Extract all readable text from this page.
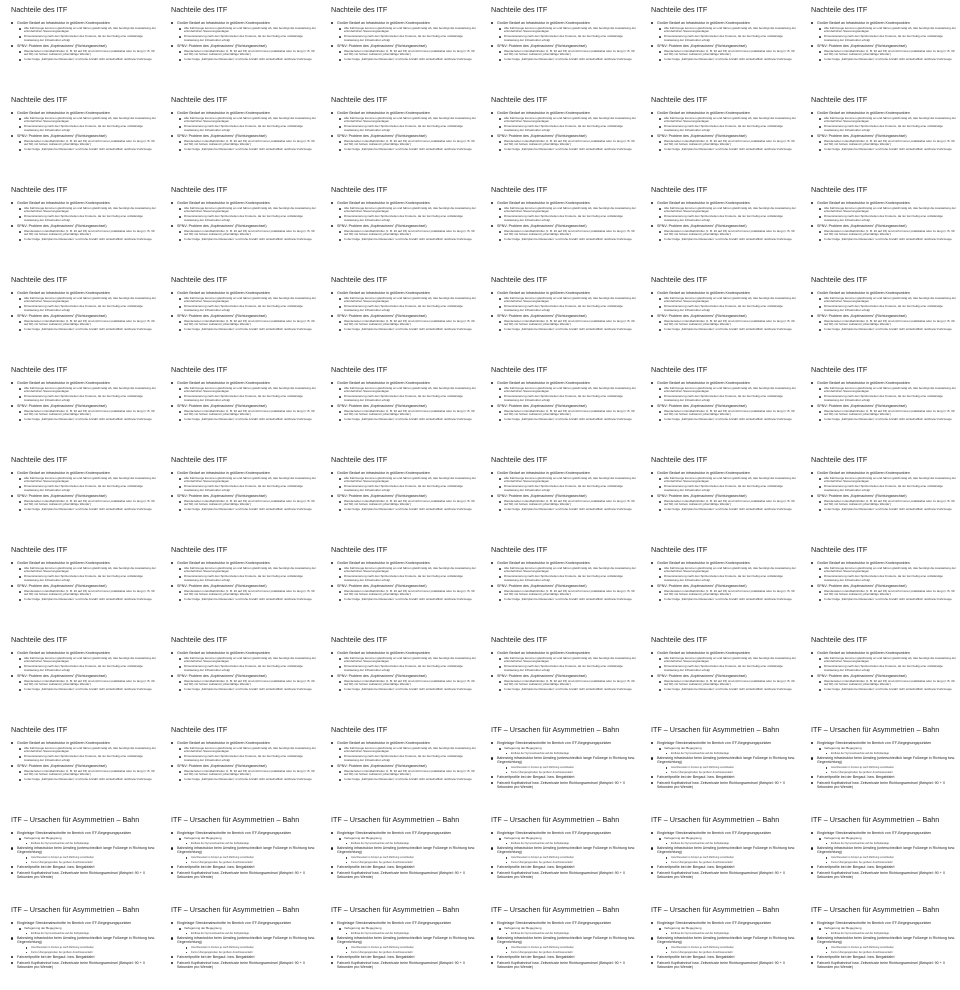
Nachteile des ITF
Großer Bedarf an Infrastruktur in größeren Knotenpunkten
Alle Fahrzeuge kommen gleichzeitig an und fahren gleichzeitig ab, das benötigt die Ausstattung der erforderlichen Steuerungsanlagen
Dimensionierung nach den Spitzenzeiten des Knotens, da nur kurzzeitig eine vollständige Auslastung der Infrastruktur erfolgt
SPNV: Problem des „Kopfmachens“ (Richtungswechsel)
Wendezeiten in Endbahnhöfen (z. B. 30 auf 15) sind nicht immer praktikabel oder zu lang (z. B. 30 auf 60) mit hohem Aufwand („überzählige Wende“)
In der Folge „Fahrplan bei Reisenden“ und hohe Anzahl nicht wirtschaftlich nutzbarer Fahrzeuge
Nachteile des ITF
Großer Bedarf an Infrastruktur in größeren Knotenpunkten
Alle Fahrzeuge kommen gleichzeitig an und fahren gleichzeitig ab, das benötigt die Ausstattung der erforderlichen Steuerungsanlagen
Dimensionierung nach den Spitzenzeiten des Knotens, da nur kurzzeitig eine vollständige Auslastung der Infrastruktur erfolgt
SPNV: Problem des „Kopfmachens“ (Richtungswechsel)
Wendezeiten in Endbahnhöfen (z. B. 30 auf 15) sind nicht immer praktikabel oder zu lang (z. B. 30 auf 60) mit hohem Aufwand („überzählige Wende“)
In der Folge „Fahrplan bei Reisenden“ und hohe Anzahl nicht wirtschaftlich nutzbarer Fahrzeuge
Nachteile des ITF
Großer Bedarf an Infrastruktur in größeren Knotenpunkten
Alle Fahrzeuge kommen gleichzeitig an und fahren gleichzeitig ab, das benötigt die Ausstattung der erforderlichen Steuerungsanlagen
Dimensionierung nach den Spitzenzeiten des Knotens, da nur kurzzeitig eine vollständige Auslastung der Infrastruktur erfolgt
SPNV: Problem des „Kopfmachens“ (Richtungswechsel)
Wendezeiten in Endbahnhöfen (z. B. 30 auf 15) sind nicht immer praktikabel oder zu lang (z. B. 30 auf 60) mit hohem Aufwand („überzählige Wende“)
In der Folge „Fahrplan bei Reisenden“ und hohe Anzahl nicht wirtschaftlich nutzbarer Fahrzeuge
Nachteile des ITF
Großer Bedarf an Infrastruktur in größeren Knotenpunkten
Alle Fahrzeuge kommen gleichzeitig an und fahren gleichzeitig ab, das benötigt die Ausstattung der erforderlichen Steuerungsanlagen
Dimensionierung nach den Spitzenzeiten des Knotens, da nur kurzzeitig eine vollständige Auslastung der Infrastruktur erfolgt
SPNV: Problem des „Kopfmachens“ (Richtungswechsel)
Wendezeiten in Endbahnhöfen (z. B. 30 auf 15) sind nicht immer praktikabel oder zu lang (z. B. 30 auf 60) mit hohem Aufwand („überzählige Wende“)
In der Folge „Fahrplan bei Reisenden“ und hohe Anzahl nicht wirtschaftlich nutzbarer Fahrzeuge
Nachteile des ITF
Großer Bedarf an Infrastruktur in größeren Knotenpunkten
Alle Fahrzeuge kommen gleichzeitig an und fahren gleichzeitig ab, das benötigt die Ausstattung der erforderlichen Steuerungsanlagen
Dimensionierung nach den Spitzenzeiten des Knotens, da nur kurzzeitig eine vollständige Auslastung der Infrastruktur erfolgt
SPNV: Problem des „Kopfmachens“ (Richtungswechsel)
Wendezeiten in Endbahnhöfen (z. B. 30 auf 15) sind nicht immer praktikabel oder zu lang (z. B. 30 auf 60) mit hohem Aufwand („überzählige Wende“)
In der Folge „Fahrplan bei Reisenden“ und hohe Anzahl nicht wirtschaftlich nutzbarer Fahrzeuge
Nachteile des ITF
Großer Bedarf an Infrastruktur in größeren Knotenpunkten
Alle Fahrzeuge kommen gleichzeitig an und fahren gleichzeitig ab, das benötigt die Ausstattung der erforderlichen Steuerungsanlagen
Dimensionierung nach den Spitzenzeiten des Knotens, da nur kurzzeitig eine vollständige Auslastung der Infrastruktur erfolgt
SPNV: Problem des „Kopfmachens“ (Richtungswechsel)
Wendezeiten in Endbahnhöfen (z. B. 30 auf 15) sind nicht immer praktikabel oder zu lang (z. B. 30 auf 60) mit hohem Aufwand („überzählige Wende“)
In der Folge „Fahrplan bei Reisenden“ und hohe Anzahl nicht wirtschaftlich nutzbarer Fahrzeuge
Nachteile des ITF
Großer Bedarf an Infrastruktur in größeren Knotenpunkten
Alle Fahrzeuge kommen gleichzeitig an und fahren gleichzeitig ab, das benötigt die Ausstattung der erforderlichen Steuerungsanlagen
Dimensionierung nach den Spitzenzeiten des Knotens, da nur kurzzeitig eine vollständige Auslastung der Infrastruktur erfolgt
SPNV: Problem des „Kopfmachens“ (Richtungswechsel)
Wendezeiten in Endbahnhöfen (z. B. 30 auf 15) sind nicht immer praktikabel oder zu lang (z. B. 30 auf 60) mit hohem Aufwand („überzählige Wende“)
In der Folge „Fahrplan bei Reisenden“ und hohe Anzahl nicht wirtschaftlich nutzbarer Fahrzeuge
Nachteile des ITF
Großer Bedarf an Infrastruktur in größeren Knotenpunkten
Alle Fahrzeuge kommen gleichzeitig an und fahren gleichzeitig ab, das benötigt die Ausstattung der erforderlichen Steuerungsanlagen
Dimensionierung nach den Spitzenzeiten des Knotens, da nur kurzzeitig eine vollständige Auslastung der Infrastruktur erfolgt
SPNV: Problem des „Kopfmachens“ (Richtungswechsel)
Wendezeiten in Endbahnhöfen (z. B. 30 auf 15) sind nicht immer praktikabel oder zu lang (z. B. 30 auf 60) mit hohem Aufwand („überzählige Wende“)
In der Folge „Fahrplan bei Reisenden“ und hohe Anzahl nicht wirtschaftlich nutzbarer Fahrzeuge
Nachteile des ITF
Großer Bedarf an Infrastruktur in größeren Knotenpunkten
Alle Fahrzeuge kommen gleichzeitig an und fahren gleichzeitig ab, das benötigt die Ausstattung der erforderlichen Steuerungsanlagen
Dimensionierung nach den Spitzenzeiten des Knotens, da nur kurzzeitig eine vollständige Auslastung der Infrastruktur erfolgt
SPNV: Problem des „Kopfmachens“ (Richtungswechsel)
Wendezeiten in Endbahnhöfen (z. B. 30 auf 15) sind nicht immer praktikabel oder zu lang (z. B. 30 auf 60) mit hohem Aufwand („überzählige Wende“)
In der Folge „Fahrplan bei Reisenden“ und hohe Anzahl nicht wirtschaftlich nutzbarer Fahrzeuge
Nachteile des ITF
Großer Bedarf an Infrastruktur in größeren Knotenpunkten
Alle Fahrzeuge kommen gleichzeitig an und fahren gleichzeitig ab, das benötigt die Ausstattung der erforderlichen Steuerungsanlagen
Dimensionierung nach den Spitzenzeiten des Knotens, da nur kurzzeitig eine vollständige Auslastung der Infrastruktur erfolgt
SPNV: Problem des „Kopfmachens“ (Richtungswechsel)
Wendezeiten in Endbahnhöfen (z. B. 30 auf 15) sind nicht immer praktikabel oder zu lang (z. B. 30 auf 60) mit hohem Aufwand („überzählige Wende“)
In der Folge „Fahrplan bei Reisenden“ und hohe Anzahl nicht wirtschaftlich nutzbarer Fahrzeuge
Nachteile des ITF
Großer Bedarf an Infrastruktur in größeren Knotenpunkten
Alle Fahrzeuge kommen gleichzeitig an und fahren gleichzeitig ab, das benötigt die Ausstattung der erforderlichen Steuerungsanlagen
Dimensionierung nach den Spitzenzeiten des Knotens, da nur kurzzeitig eine vollständige Auslastung der Infrastruktur erfolgt
SPNV: Problem des „Kopfmachens“ (Richtungswechsel)
Wendezeiten in Endbahnhöfen (z. B. 30 auf 15) sind nicht immer praktikabel oder zu lang (z. B. 30 auf 60) mit hohem Aufwand („überzählige Wende“)
In der Folge „Fahrplan bei Reisenden“ und hohe Anzahl nicht wirtschaftlich nutzbarer Fahrzeuge
Nachteile des ITF
Großer Bedarf an Infrastruktur in größeren Knotenpunkten
Alle Fahrzeuge kommen gleichzeitig an und fahren gleichzeitig ab, das benötigt die Ausstattung der erforderlichen Steuerungsanlagen
Dimensionierung nach den Spitzenzeiten des Knotens, da nur kurzzeitig eine vollständige Auslastung der Infrastruktur erfolgt
SPNV: Problem des „Kopfmachens“ (Richtungswechsel)
Wendezeiten in Endbahnhöfen (z. B. 30 auf 15) sind nicht immer praktikabel oder zu lang (z. B. 30 auf 60) mit hohem Aufwand („überzählige Wende“)
In der Folge „Fahrplan bei Reisenden“ und hohe Anzahl nicht wirtschaftlich nutzbarer Fahrzeuge
Nachteile des ITF
Großer Bedarf an Infrastruktur in größeren Knotenpunkten
Alle Fahrzeuge kommen gleichzeitig an und fahren gleichzeitig ab, das benötigt die Ausstattung der erforderlichen Steuerungsanlagen
Dimensionierung nach den Spitzenzeiten des Knotens, da nur kurzzeitig eine vollständige Auslastung der Infrastruktur erfolgt
SPNV: Problem des „Kopfmachens“ (Richtungswechsel)
Wendezeiten in Endbahnhöfen (z. B. 30 auf 15) sind nicht immer praktikabel oder zu lang (z. B. 30 auf 60) mit hohem Aufwand („überzählige Wende“)
In der Folge „Fahrplan bei Reisenden“ und hohe Anzahl nicht wirtschaftlich nutzbarer Fahrzeuge
Nachteile des ITF
Großer Bedarf an Infrastruktur in größeren Knotenpunkten
Alle Fahrzeuge kommen gleichzeitig an und fahren gleichzeitig ab, das benötigt die Ausstattung der erforderlichen Steuerungsanlagen
Dimensionierung nach den Spitzenzeiten des Knotens, da nur kurzzeitig eine vollständige Auslastung der Infrastruktur erfolgt
SPNV: Problem des „Kopfmachens“ (Richtungswechsel)
Wendezeiten in Endbahnhöfen (z. B. 30 auf 15) sind nicht immer praktikabel oder zu lang (z. B. 30 auf 60) mit hohem Aufwand („überzählige Wende“)
In der Folge „Fahrplan bei Reisenden“ und hohe Anzahl nicht wirtschaftlich nutzbarer Fahrzeuge
Nachteile des ITF
Großer Bedarf an Infrastruktur in größeren Knotenpunkten
Alle Fahrzeuge kommen gleichzeitig an und fahren gleichzeitig ab, das benötigt die Ausstattung der erforderlichen Steuerungsanlagen
Dimensionierung nach den Spitzenzeiten des Knotens, da nur kurzzeitig eine vollständige Auslastung der Infrastruktur erfolgt
SPNV: Problem des „Kopfmachens“ (Richtungswechsel)
Wendezeiten in Endbahnhöfen (z. B. 30 auf 15) sind nicht immer praktikabel oder zu lang (z. B. 30 auf 60) mit hohem Aufwand („überzählige Wende“)
In der Folge „Fahrplan bei Reisenden“ und hohe Anzahl nicht wirtschaftlich nutzbarer Fahrzeuge
Nachteile des ITF
Großer Bedarf an Infrastruktur in größeren Knotenpunkten
Alle Fahrzeuge kommen gleichzeitig an und fahren gleichzeitig ab, das benötigt die Ausstattung der erforderlichen Steuerungsanlagen
Dimensionierung nach den Spitzenzeiten des Knotens, da nur kurzzeitig eine vollständige Auslastung der Infrastruktur erfolgt
SPNV: Problem des „Kopfmachens“ (Richtungswechsel)
Wendezeiten in Endbahnhöfen (z. B. 30 auf 15) sind nicht immer praktikabel oder zu lang (z. B. 30 auf 60) mit hohem Aufwand („überzählige Wende“)
In der Folge „Fahrplan bei Reisenden“ und hohe Anzahl nicht wirtschaftlich nutzbarer Fahrzeuge
Nachteile des ITF
Großer Bedarf an Infrastruktur in größeren Knotenpunkten
Alle Fahrzeuge kommen gleichzeitig an und fahren gleichzeitig ab, das benötigt die Ausstattung der erforderlichen Steuerungsanlagen
Dimensionierung nach den Spitzenzeiten des Knotens, da nur kurzzeitig eine vollständige Auslastung der Infrastruktur erfolgt
SPNV: Problem des „Kopfmachens“ (Richtungswechsel)
Wendezeiten in Endbahnhöfen (z. B. 30 auf 15) sind nicht immer praktikabel oder zu lang (z. B. 30 auf 60) mit hohem Aufwand („überzählige Wende“)
In der Folge „Fahrplan bei Reisenden“ und hohe Anzahl nicht wirtschaftlich nutzbarer Fahrzeuge
Nachteile des ITF
Großer Bedarf an Infrastruktur in größeren Knotenpunkten
Alle Fahrzeuge kommen gleichzeitig an und fahren gleichzeitig ab, das benötigt die Ausstattung der erforderlichen Steuerungsanlagen
Dimensionierung nach den Spitzenzeiten des Knotens, da nur kurzzeitig eine vollständige Auslastung der Infrastruktur erfolgt
SPNV: Problem des „Kopfmachens“ (Richtungswechsel)
Wendezeiten in Endbahnhöfen (z. B. 30 auf 15) sind nicht immer praktikabel oder zu lang (z. B. 30 auf 60) mit hohem Aufwand („überzählige Wende“)
In der Folge „Fahrplan bei Reisenden“ und hohe Anzahl nicht wirtschaftlich nutzbarer Fahrzeuge
Nachteile des ITF
Großer Bedarf an Infrastruktur in größeren Knotenpunkten
Alle Fahrzeuge kommen gleichzeitig an und fahren gleichzeitig ab, das benötigt die Ausstattung der erforderlichen Steuerungsanlagen
Dimensionierung nach den Spitzenzeiten des Knotens, da nur kurzzeitig eine vollständige Auslastung der Infrastruktur erfolgt
SPNV: Problem des „Kopfmachens“ (Richtungswechsel)
Wendezeiten in Endbahnhöfen (z. B. 30 auf 15) sind nicht immer praktikabel oder zu lang (z. B. 30 auf 60) mit hohem Aufwand („überzählige Wende“)
In der Folge „Fahrplan bei Reisenden“ und hohe Anzahl nicht wirtschaftlich nutzbarer Fahrzeuge
Nachteile des ITF
Großer Bedarf an Infrastruktur in größeren Knotenpunkten
Alle Fahrzeuge kommen gleichzeitig an und fahren gleichzeitig ab, das benötigt die Ausstattung der erforderlichen Steuerungsanlagen
Dimensionierung nach den Spitzenzeiten des Knotens, da nur kurzzeitig eine vollständige Auslastung der Infrastruktur erfolgt
SPNV: Problem des „Kopfmachens“ (Richtungswechsel)
Wendezeiten in Endbahnhöfen (z. B. 30 auf 15) sind nicht immer praktikabel oder zu lang (z. B. 30 auf 60) mit hohem Aufwand („überzählige Wende“)
In der Folge „Fahrplan bei Reisenden“ und hohe Anzahl nicht wirtschaftlich nutzbarer Fahrzeuge
Nachteile des ITF
Großer Bedarf an Infrastruktur in größeren Knotenpunkten
Alle Fahrzeuge kommen gleichzeitig an und fahren gleichzeitig ab, das benötigt die Ausstattung der erforderlichen Steuerungsanlagen
Dimensionierung nach den Spitzenzeiten des Knotens, da nur kurzzeitig eine vollständige Auslastung der Infrastruktur erfolgt
SPNV: Problem des „Kopfmachens“ (Richtungswechsel)
Wendezeiten in Endbahnhöfen (z. B. 30 auf 15) sind nicht immer praktikabel oder zu lang (z. B. 30 auf 60) mit hohem Aufwand („überzählige Wende“)
In der Folge „Fahrplan bei Reisenden“ und hohe Anzahl nicht wirtschaftlich nutzbarer Fahrzeuge
Nachteile des ITF
Großer Bedarf an Infrastruktur in größeren Knotenpunkten
Alle Fahrzeuge kommen gleichzeitig an und fahren gleichzeitig ab, das benötigt die Ausstattung der erforderlichen Steuerungsanlagen
Dimensionierung nach den Spitzenzeiten des Knotens, da nur kurzzeitig eine vollständige Auslastung der Infrastruktur erfolgt
SPNV: Problem des „Kopfmachens“ (Richtungswechsel)
Wendezeiten in Endbahnhöfen (z. B. 30 auf 15) sind nicht immer praktikabel oder zu lang (z. B. 30 auf 60) mit hohem Aufwand („überzählige Wende“)
In der Folge „Fahrplan bei Reisenden“ und hohe Anzahl nicht wirtschaftlich nutzbarer Fahrzeuge
Nachteile des ITF
Großer Bedarf an Infrastruktur in größeren Knotenpunkten
Alle Fahrzeuge kommen gleichzeitig an und fahren gleichzeitig ab, das benötigt die Ausstattung der erforderlichen Steuerungsanlagen
Dimensionierung nach den Spitzenzeiten des Knotens, da nur kurzzeitig eine vollständige Auslastung der Infrastruktur erfolgt
SPNV: Problem des „Kopfmachens“ (Richtungswechsel)
Wendezeiten in Endbahnhöfen (z. B. 30 auf 15) sind nicht immer praktikabel oder zu lang (z. B. 30 auf 60) mit hohem Aufwand („überzählige Wende“)
In der Folge „Fahrplan bei Reisenden“ und hohe Anzahl nicht wirtschaftlich nutzbarer Fahrzeuge
Nachteile des ITF
Großer Bedarf an Infrastruktur in größeren Knotenpunkten
Alle Fahrzeuge kommen gleichzeitig an und fahren gleichzeitig ab, das benötigt die Ausstattung der erforderlichen Steuerungsanlagen
Dimensionierung nach den Spitzenzeiten des Knotens, da nur kurzzeitig eine vollständige Auslastung der Infrastruktur erfolgt
SPNV: Problem des „Kopfmachens“ (Richtungswechsel)
Wendezeiten in Endbahnhöfen (z. B. 30 auf 15) sind nicht immer praktikabel oder zu lang (z. B. 30 auf 60) mit hohem Aufwand („überzählige Wende“)
In der Folge „Fahrplan bei Reisenden“ und hohe Anzahl nicht wirtschaftlich nutzbarer Fahrzeuge
Nachteile des ITF
Großer Bedarf an Infrastruktur in größeren Knotenpunkten
Alle Fahrzeuge kommen gleichzeitig an und fahren gleichzeitig ab, das benötigt die Ausstattung der erforderlichen Steuerungsanlagen
Dimensionierung nach den Spitzenzeiten des Knotens, da nur kurzzeitig eine vollständige Auslastung der Infrastruktur erfolgt
SPNV: Problem des „Kopfmachens“ (Richtungswechsel)
Wendezeiten in Endbahnhöfen (z. B. 30 auf 15) sind nicht immer praktikabel oder zu lang (z. B. 30 auf 60) mit hohem Aufwand („überzählige Wende“)
In der Folge „Fahrplan bei Reisenden“ und hohe Anzahl nicht wirtschaftlich nutzbarer Fahrzeuge
Nachteile des ITF
Großer Bedarf an Infrastruktur in größeren Knotenpunkten
Alle Fahrzeuge kommen gleichzeitig an und fahren gleichzeitig ab, das benötigt die Ausstattung der erforderlichen Steuerungsanlagen
Dimensionierung nach den Spitzenzeiten des Knotens, da nur kurzzeitig eine vollständige Auslastung der Infrastruktur erfolgt
SPNV: Problem des „Kopfmachens“ (Richtungswechsel)
Wendezeiten in Endbahnhöfen (z. B. 30 auf 15) sind nicht immer praktikabel oder zu lang (z. B. 30 auf 60) mit hohem Aufwand („überzählige Wende“)
In der Folge „Fahrplan bei Reisenden“ und hohe Anzahl nicht wirtschaftlich nutzbarer Fahrzeuge
Nachteile des ITF
Großer Bedarf an Infrastruktur in größeren Knotenpunkten
Alle Fahrzeuge kommen gleichzeitig an und fahren gleichzeitig ab, das benötigt die Ausstattung der erforderlichen Steuerungsanlagen
Dimensionierung nach den Spitzenzeiten des Knotens, da nur kurzzeitig eine vollständige Auslastung der Infrastruktur erfolgt
SPNV: Problem des „Kopfmachens“ (Richtungswechsel)
Wendezeiten in Endbahnhöfen (z. B. 30 auf 15) sind nicht immer praktikabel oder zu lang (z. B. 30 auf 60) mit hohem Aufwand („überzählige Wende“)
In der Folge „Fahrplan bei Reisenden“ und hohe Anzahl nicht wirtschaftlich nutzbarer Fahrzeuge
Nachteile des ITF
Großer Bedarf an Infrastruktur in größeren Knotenpunkten
Alle Fahrzeuge kommen gleichzeitig an und fahren gleichzeitig ab, das benötigt die Ausstattung der erforderlichen Steuerungsanlagen
Dimensionierung nach den Spitzenzeiten des Knotens, da nur kurzzeitig eine vollständige Auslastung der Infrastruktur erfolgt
SPNV: Problem des „Kopfmachens“ (Richtungswechsel)
Wendezeiten in Endbahnhöfen (z. B. 30 auf 15) sind nicht immer praktikabel oder zu lang (z. B. 30 auf 60) mit hohem Aufwand („überzählige Wende“)
In der Folge „Fahrplan bei Reisenden“ und hohe Anzahl nicht wirtschaftlich nutzbarer Fahrzeuge
Nachteile des ITF
Großer Bedarf an Infrastruktur in größeren Knotenpunkten
Alle Fahrzeuge kommen gleichzeitig an und fahren gleichzeitig ab, das benötigt die Ausstattung der erforderlichen Steuerungsanlagen
Dimensionierung nach den Spitzenzeiten des Knotens, da nur kurzzeitig eine vollständige Auslastung der Infrastruktur erfolgt
SPNV: Problem des „Kopfmachens“ (Richtungswechsel)
Wendezeiten in Endbahnhöfen (z. B. 30 auf 15) sind nicht immer praktikabel oder zu lang (z. B. 30 auf 60) mit hohem Aufwand („überzählige Wende“)
In der Folge „Fahrplan bei Reisenden“ und hohe Anzahl nicht wirtschaftlich nutzbarer Fahrzeuge
Nachteile des ITF
Großer Bedarf an Infrastruktur in größeren Knotenpunkten
Alle Fahrzeuge kommen gleichzeitig an und fahren gleichzeitig ab, das benötigt die Ausstattung der erforderlichen Steuerungsanlagen
Dimensionierung nach den Spitzenzeiten des Knotens, da nur kurzzeitig eine vollständige Auslastung der Infrastruktur erfolgt
SPNV: Problem des „Kopfmachens“ (Richtungswechsel)
Wendezeiten in Endbahnhöfen (z. B. 30 auf 15) sind nicht immer praktikabel oder zu lang (z. B. 30 auf 60) mit hohem Aufwand („überzählige Wende“)
In der Folge „Fahrplan bei Reisenden“ und hohe Anzahl nicht wirtschaftlich nutzbarer Fahrzeuge
Nachteile des ITF
Großer Bedarf an Infrastruktur in größeren Knotenpunkten
Alle Fahrzeuge kommen gleichzeitig an und fahren gleichzeitig ab, das benötigt die Ausstattung der erforderlichen Steuerungsanlagen
Dimensionierung nach den Spitzenzeiten des Knotens, da nur kurzzeitig eine vollständige Auslastung der Infrastruktur erfolgt
SPNV: Problem des „Kopfmachens“ (Richtungswechsel)
Wendezeiten in Endbahnhöfen (z. B. 30 auf 15) sind nicht immer praktikabel oder zu lang (z. B. 30 auf 60) mit hohem Aufwand („überzählige Wende“)
In der Folge „Fahrplan bei Reisenden“ und hohe Anzahl nicht wirtschaftlich nutzbarer Fahrzeuge
Nachteile des ITF
Großer Bedarf an Infrastruktur in größeren Knotenpunkten
Alle Fahrzeuge kommen gleichzeitig an und fahren gleichzeitig ab, das benötigt die Ausstattung der erforderlichen Steuerungsanlagen
Dimensionierung nach den Spitzenzeiten des Knotens, da nur kurzzeitig eine vollständige Auslastung der Infrastruktur erfolgt
SPNV: Problem des „Kopfmachens“ (Richtungswechsel)
Wendezeiten in Endbahnhöfen (z. B. 30 auf 15) sind nicht immer praktikabel oder zu lang (z. B. 30 auf 60) mit hohem Aufwand („überzählige Wende“)
In der Folge „Fahrplan bei Reisenden“ und hohe Anzahl nicht wirtschaftlich nutzbarer Fahrzeuge
Nachteile des ITF
Großer Bedarf an Infrastruktur in größeren Knotenpunkten
Alle Fahrzeuge kommen gleichzeitig an und fahren gleichzeitig ab, das benötigt die Ausstattung der erforderlichen Steuerungsanlagen
Dimensionierung nach den Spitzenzeiten des Knotens, da nur kurzzeitig eine vollständige Auslastung der Infrastruktur erfolgt
SPNV: Problem des „Kopfmachens“ (Richtungswechsel)
Wendezeiten in Endbahnhöfen (z. B. 30 auf 15) sind nicht immer praktikabel oder zu lang (z. B. 30 auf 60) mit hohem Aufwand („überzählige Wende“)
In der Folge „Fahrplan bei Reisenden“ und hohe Anzahl nicht wirtschaftlich nutzbarer Fahrzeuge
Nachteile des ITF
Großer Bedarf an Infrastruktur in größeren Knotenpunkten
Alle Fahrzeuge kommen gleichzeitig an und fahren gleichzeitig ab, das benötigt die Ausstattung der erforderlichen Steuerungsanlagen
Dimensionierung nach den Spitzenzeiten des Knotens, da nur kurzzeitig eine vollständige Auslastung der Infrastruktur erfolgt
SPNV: Problem des „Kopfmachens“ (Richtungswechsel)
Wendezeiten in Endbahnhöfen (z. B. 30 auf 15) sind nicht immer praktikabel oder zu lang (z. B. 30 auf 60) mit hohem Aufwand („überzählige Wende“)
In der Folge „Fahrplan bei Reisenden“ und hohe Anzahl nicht wirtschaftlich nutzbarer Fahrzeuge
Nachteile des ITF
Großer Bedarf an Infrastruktur in größeren Knotenpunkten
Alle Fahrzeuge kommen gleichzeitig an und fahren gleichzeitig ab, das benötigt die Ausstattung der erforderlichen Steuerungsanlagen
Dimensionierung nach den Spitzenzeiten des Knotens, da nur kurzzeitig eine vollständige Auslastung der Infrastruktur erfolgt
SPNV: Problem des „Kopfmachens“ (Richtungswechsel)
Wendezeiten in Endbahnhöfen (z. B. 30 auf 15) sind nicht immer praktikabel oder zu lang (z. B. 30 auf 60) mit hohem Aufwand („überzählige Wende“)
In der Folge „Fahrplan bei Reisenden“ und hohe Anzahl nicht wirtschaftlich nutzbarer Fahrzeuge
Nachteile des ITF
Großer Bedarf an Infrastruktur in größeren Knotenpunkten
Alle Fahrzeuge kommen gleichzeitig an und fahren gleichzeitig ab, das benötigt die Ausstattung der erforderlichen Steuerungsanlagen
Dimensionierung nach den Spitzenzeiten des Knotens, da nur kurzzeitig eine vollständige Auslastung der Infrastruktur erfolgt
SPNV: Problem des „Kopfmachens“ (Richtungswechsel)
Wendezeiten in Endbahnhöfen (z. B. 30 auf 15) sind nicht immer praktikabel oder zu lang (z. B. 30 auf 60) mit hohem Aufwand („überzählige Wende“)
In der Folge „Fahrplan bei Reisenden“ und hohe Anzahl nicht wirtschaftlich nutzbarer Fahrzeuge
Nachteile des ITF
Großer Bedarf an Infrastruktur in größeren Knotenpunkten
Alle Fahrzeuge kommen gleichzeitig an und fahren gleichzeitig ab, das benötigt die Ausstattung der erforderlichen Steuerungsanlagen
Dimensionierung nach den Spitzenzeiten des Knotens, da nur kurzzeitig eine vollständige Auslastung der Infrastruktur erfolgt
SPNV: Problem des „Kopfmachens“ (Richtungswechsel)
Wendezeiten in Endbahnhöfen (z. B. 30 auf 15) sind nicht immer praktikabel oder zu lang (z. B. 30 auf 60) mit hohem Aufwand („überzählige Wende“)
In der Folge „Fahrplan bei Reisenden“ und hohe Anzahl nicht wirtschaftlich nutzbarer Fahrzeuge
Nachteile des ITF
Großer Bedarf an Infrastruktur in größeren Knotenpunkten
Alle Fahrzeuge kommen gleichzeitig an und fahren gleichzeitig ab, das benötigt die Ausstattung der erforderlichen Steuerungsanlagen
Dimensionierung nach den Spitzenzeiten des Knotens, da nur kurzzeitig eine vollständige Auslastung der Infrastruktur erfolgt
SPNV: Problem des „Kopfmachens“ (Richtungswechsel)
Wendezeiten in Endbahnhöfen (z. B. 30 auf 15) sind nicht immer praktikabel oder zu lang (z. B. 30 auf 60) mit hohem Aufwand („überzählige Wende“)
In der Folge „Fahrplan bei Reisenden“ und hohe Anzahl nicht wirtschaftlich nutzbarer Fahrzeuge
Nachteile des ITF
Großer Bedarf an Infrastruktur in größeren Knotenpunkten
Alle Fahrzeuge kommen gleichzeitig an und fahren gleichzeitig ab, das benötigt die Ausstattung der erforderlichen Steuerungsanlagen
Dimensionierung nach den Spitzenzeiten des Knotens, da nur kurzzeitig eine vollständige Auslastung der Infrastruktur erfolgt
SPNV: Problem des „Kopfmachens“ (Richtungswechsel)
Wendezeiten in Endbahnhöfen (z. B. 30 auf 15) sind nicht immer praktikabel oder zu lang (z. B. 30 auf 60) mit hohem Aufwand („überzählige Wende“)
In der Folge „Fahrplan bei Reisenden“ und hohe Anzahl nicht wirtschaftlich nutzbarer Fahrzeuge
Nachteile des ITF
Großer Bedarf an Infrastruktur in größeren Knotenpunkten
Alle Fahrzeuge kommen gleichzeitig an und fahren gleichzeitig ab, das benötigt die Ausstattung der erforderlichen Steuerungsanlagen
Dimensionierung nach den Spitzenzeiten des Knotens, da nur kurzzeitig eine vollständige Auslastung der Infrastruktur erfolgt
SPNV: Problem des „Kopfmachens“ (Richtungswechsel)
Wendezeiten in Endbahnhöfen (z. B. 30 auf 15) sind nicht immer praktikabel oder zu lang (z. B. 30 auf 60) mit hohem Aufwand („überzählige Wende“)
In der Folge „Fahrplan bei Reisenden“ und hohe Anzahl nicht wirtschaftlich nutzbarer Fahrzeuge
Nachteile des ITF
Großer Bedarf an Infrastruktur in größeren Knotenpunkten
Alle Fahrzeuge kommen gleichzeitig an und fahren gleichzeitig ab, das benötigt die Ausstattung der erforderlichen Steuerungsanlagen
Dimensionierung nach den Spitzenzeiten des Knotens, da nur kurzzeitig eine vollständige Auslastung der Infrastruktur erfolgt
SPNV: Problem des „Kopfmachens“ (Richtungswechsel)
Wendezeiten in Endbahnhöfen (z. B. 30 auf 15) sind nicht immer praktikabel oder zu lang (z. B. 30 auf 60) mit hohem Aufwand („überzählige Wende“)
In der Folge „Fahrplan bei Reisenden“ und hohe Anzahl nicht wirtschaftlich nutzbarer Fahrzeuge
Nachteile des ITF
Großer Bedarf an Infrastruktur in größeren Knotenpunkten
Alle Fahrzeuge kommen gleichzeitig an und fahren gleichzeitig ab, das benötigt die Ausstattung der erforderlichen Steuerungsanlagen
Dimensionierung nach den Spitzenzeiten des Knotens, da nur kurzzeitig eine vollständige Auslastung der Infrastruktur erfolgt
SPNV: Problem des „Kopfmachens“ (Richtungswechsel)
Wendezeiten in Endbahnhöfen (z. B. 30 auf 15) sind nicht immer praktikabel oder zu lang (z. B. 30 auf 60) mit hohem Aufwand („überzählige Wende“)
In der Folge „Fahrplan bei Reisenden“ und hohe Anzahl nicht wirtschaftlich nutzbarer Fahrzeuge
Nachteile des ITF
Großer Bedarf an Infrastruktur in größeren Knotenpunkten
Alle Fahrzeuge kommen gleichzeitig an und fahren gleichzeitig ab, das benötigt die Ausstattung der erforderlichen Steuerungsanlagen
Dimensionierung nach den Spitzenzeiten des Knotens, da nur kurzzeitig eine vollständige Auslastung der Infrastruktur erfolgt
SPNV: Problem des „Kopfmachens“ (Richtungswechsel)
Wendezeiten in Endbahnhöfen (z. B. 30 auf 15) sind nicht immer praktikabel oder zu lang (z. B. 30 auf 60) mit hohem Aufwand („überzählige Wende“)
In der Folge „Fahrplan bei Reisenden“ und hohe Anzahl nicht wirtschaftlich nutzbarer Fahrzeuge
Nachteile des ITF
Großer Bedarf an Infrastruktur in größeren Knotenpunkten
Alle Fahrzeuge kommen gleichzeitig an und fahren gleichzeitig ab, das benötigt die Ausstattung der erforderlichen Steuerungsanlagen
Dimensionierung nach den Spitzenzeiten des Knotens, da nur kurzzeitig eine vollständige Auslastung der Infrastruktur erfolgt
SPNV: Problem des „Kopfmachens“ (Richtungswechsel)
Wendezeiten in Endbahnhöfen (z. B. 30 auf 15) sind nicht immer praktikabel oder zu lang (z. B. 30 auf 60) mit hohem Aufwand („überzählige Wende“)
In der Folge „Fahrplan bei Reisenden“ und hohe Anzahl nicht wirtschaftlich nutzbarer Fahrzeuge
Nachteile des ITF
Großer Bedarf an Infrastruktur in größeren Knotenpunkten
Alle Fahrzeuge kommen gleichzeitig an und fahren gleichzeitig ab, das benötigt die Ausstattung der erforderlichen Steuerungsanlagen
Dimensionierung nach den Spitzenzeiten des Knotens, da nur kurzzeitig eine vollständige Auslastung der Infrastruktur erfolgt
SPNV: Problem des „Kopfmachens“ (Richtungswechsel)
Wendezeiten in Endbahnhöfen (z. B. 30 auf 15) sind nicht immer praktikabel oder zu lang (z. B. 30 auf 60) mit hohem Aufwand („überzählige Wende“)
In der Folge „Fahrplan bei Reisenden“ und hohe Anzahl nicht wirtschaftlich nutzbarer Fahrzeuge
Nachteile des ITF
Großer Bedarf an Infrastruktur in größeren Knotenpunkten
Alle Fahrzeuge kommen gleichzeitig an und fahren gleichzeitig ab, das benötigt die Ausstattung der erforderlichen Steuerungsanlagen
Dimensionierung nach den Spitzenzeiten des Knotens, da nur kurzzeitig eine vollständige Auslastung der Infrastruktur erfolgt
SPNV: Problem des „Kopfmachens“ (Richtungswechsel)
Wendezeiten in Endbahnhöfen (z. B. 30 auf 15) sind nicht immer praktikabel oder zu lang (z. B. 30 auf 60) mit hohem Aufwand („überzählige Wende“)
In der Folge „Fahrplan bei Reisenden“ und hohe Anzahl nicht wirtschaftlich nutzbarer Fahrzeuge
Nachteile des ITF
Großer Bedarf an Infrastruktur in größeren Knotenpunkten
Alle Fahrzeuge kommen gleichzeitig an und fahren gleichzeitig ab, das benötigt die Ausstattung der erforderlichen Steuerungsanlagen
Dimensionierung nach den Spitzenzeiten des Knotens, da nur kurzzeitig eine vollständige Auslastung der Infrastruktur erfolgt
SPNV: Problem des „Kopfmachens“ (Richtungswechsel)
Wendezeiten in Endbahnhöfen (z. B. 30 auf 15) sind nicht immer praktikabel oder zu lang (z. B. 30 auf 60) mit hohem Aufwand („überzählige Wende“)
In der Folge „Fahrplan bei Reisenden“ und hohe Anzahl nicht wirtschaftlich nutzbarer Fahrzeuge
Nachteile des ITF
Großer Bedarf an Infrastruktur in größeren Knotenpunkten
Alle Fahrzeuge kommen gleichzeitig an und fahren gleichzeitig ab, das benötigt die Ausstattung der erforderlichen Steuerungsanlagen
Dimensionierung nach den Spitzenzeiten des Knotens, da nur kurzzeitig eine vollständige Auslastung der Infrastruktur erfolgt
SPNV: Problem des „Kopfmachens“ (Richtungswechsel)
Wendezeiten in Endbahnhöfen (z. B. 30 auf 15) sind nicht immer praktikabel oder zu lang (z. B. 30 auf 60) mit hohem Aufwand („überzählige Wende“)
In der Folge „Fahrplan bei Reisenden“ und hohe Anzahl nicht wirtschaftlich nutzbarer Fahrzeuge
Nachteile des ITF
Großer Bedarf an Infrastruktur in größeren Knotenpunkten
Alle Fahrzeuge kommen gleichzeitig an und fahren gleichzeitig ab, das benötigt die Ausstattung der erforderlichen Steuerungsanlagen
Dimensionierung nach den Spitzenzeiten des Knotens, da nur kurzzeitig eine vollständige Auslastung der Infrastruktur erfolgt
SPNV: Problem des „Kopfmachens“ (Richtungswechsel)
Wendezeiten in Endbahnhöfen (z. B. 30 auf 15) sind nicht immer praktikabel oder zu lang (z. B. 30 auf 60) mit hohem Aufwand („überzählige Wende“)
In der Folge „Fahrplan bei Reisenden“ und hohe Anzahl nicht wirtschaftlich nutzbarer Fahrzeuge
Nachteile des ITF
Großer Bedarf an Infrastruktur in größeren Knotenpunkten
Alle Fahrzeuge kommen gleichzeitig an und fahren gleichzeitig ab, das benötigt die Ausstattung der erforderlichen Steuerungsanlagen
Dimensionierung nach den Spitzenzeiten des Knotens, da nur kurzzeitig eine vollständige Auslastung der Infrastruktur erfolgt
SPNV: Problem des „Kopfmachens“ (Richtungswechsel)
Wendezeiten in Endbahnhöfen (z. B. 30 auf 15) sind nicht immer praktikabel oder zu lang (z. B. 30 auf 60) mit hohem Aufwand („überzählige Wende“)
In der Folge „Fahrplan bei Reisenden“ und hohe Anzahl nicht wirtschaftlich nutzbarer Fahrzeuge
Nachteile des ITF
Großer Bedarf an Infrastruktur in größeren Knotenpunkten
Alle Fahrzeuge kommen gleichzeitig an und fahren gleichzeitig ab, das benötigt die Ausstattung der erforderlichen Steuerungsanlagen
Dimensionierung nach den Spitzenzeiten des Knotens, da nur kurzzeitig eine vollständige Auslastung der Infrastruktur erfolgt
SPNV: Problem des „Kopfmachens“ (Richtungswechsel)
Wendezeiten in Endbahnhöfen (z. B. 30 auf 15) sind nicht immer praktikabel oder zu lang (z. B. 30 auf 60) mit hohem Aufwand („überzählige Wende“)
In der Folge „Fahrplan bei Reisenden“ und hohe Anzahl nicht wirtschaftlich nutzbarer Fahrzeuge
ITF – Ursachen für Asymmetrien – Bahn
Eingleisige Streckenabschnitte im Bereich von ITF-Begegnungspunkten
Verlagerung der Begegnung
Einfluss der Symmetrieachse auf die Fahrplanlage
Bahnsteig infrastruktur beim Umstieg (unterschiedlich lange Fußwege in Richtung bzw. Gegenrichtung)
Anschlusszeit im Knoten je nach Richtung verschieden
Kurze Übergangszeiten bei großem Anschlussverkehr
Fahrzeitprofile bei der Bergauf- bzw. Bergabfahrt
Fahrzeit Kopfbahnhof bzw. Zeitverluste beim Richtungswechsel (Beispiel: 90 + X Sekunden pro Wende)
ITF – Ursachen für Asymmetrien – Bahn
Eingleisige Streckenabschnitte im Bereich von ITF-Begegnungspunkten
Verlagerung der Begegnung
Einfluss der Symmetrieachse auf die Fahrplanlage
Bahnsteig infrastruktur beim Umstieg (unterschiedlich lange Fußwege in Richtung bzw. Gegenrichtung)
Anschlusszeit im Knoten je nach Richtung verschieden
Kurze Übergangszeiten bei großem Anschlussverkehr
Fahrzeitprofile bei der Bergauf- bzw. Bergabfahrt
Fahrzeit Kopfbahnhof bzw. Zeitverluste beim Richtungswechsel (Beispiel: 90 + X Sekunden pro Wende)
ITF – Ursachen für Asymmetrien – Bahn
Eingleisige Streckenabschnitte im Bereich von ITF-Begegnungspunkten
Verlagerung der Begegnung
Einfluss der Symmetrieachse auf die Fahrplanlage
Bahnsteig infrastruktur beim Umstieg (unterschiedlich lange Fußwege in Richtung bzw. Gegenrichtung)
Anschlusszeit im Knoten je nach Richtung verschieden
Kurze Übergangszeiten bei großem Anschlussverkehr
Fahrzeitprofile bei der Bergauf- bzw. Bergabfahrt
Fahrzeit Kopfbahnhof bzw. Zeitverluste beim Richtungswechsel (Beispiel: 90 + X Sekunden pro Wende)
ITF – Ursachen für Asymmetrien – Bahn
Eingleisige Streckenabschnitte im Bereich von ITF-Begegnungspunkten
Verlagerung der Begegnung
Einfluss der Symmetrieachse auf die Fahrplanlage
Bahnsteig infrastruktur beim Umstieg (unterschiedlich lange Fußwege in Richtung bzw. Gegenrichtung)
Anschlusszeit im Knoten je nach Richtung verschieden
Kurze Übergangszeiten bei großem Anschlussverkehr
Fahrzeitprofile bei der Bergauf- bzw. Bergabfahrt
Fahrzeit Kopfbahnhof bzw. Zeitverluste beim Richtungswechsel (Beispiel: 90 + X Sekunden pro Wende)
ITF – Ursachen für Asymmetrien – Bahn
Eingleisige Streckenabschnitte im Bereich von ITF-Begegnungspunkten
Verlagerung der Begegnung
Einfluss der Symmetrieachse auf die Fahrplanlage
Bahnsteig infrastruktur beim Umstieg (unterschiedlich lange Fußwege in Richtung bzw. Gegenrichtung)
Anschlusszeit im Knoten je nach Richtung verschieden
Kurze Übergangszeiten bei großem Anschlussverkehr
Fahrzeitprofile bei der Bergauf- bzw. Bergabfahrt
Fahrzeit Kopfbahnhof bzw. Zeitverluste beim Richtungswechsel (Beispiel: 90 + X Sekunden pro Wende)
ITF – Ursachen für Asymmetrien – Bahn
Eingleisige Streckenabschnitte im Bereich von ITF-Begegnungspunkten
Verlagerung der Begegnung
Einfluss der Symmetrieachse auf die Fahrplanlage
Bahnsteig infrastruktur beim Umstieg (unterschiedlich lange Fußwege in Richtung bzw. Gegenrichtung)
Anschlusszeit im Knoten je nach Richtung verschieden
Kurze Übergangszeiten bei großem Anschlussverkehr
Fahrzeitprofile bei der Bergauf- bzw. Bergabfahrt
Fahrzeit Kopfbahnhof bzw. Zeitverluste beim Richtungswechsel (Beispiel: 90 + X Sekunden pro Wende)
ITF – Ursachen für Asymmetrien – Bahn
Eingleisige Streckenabschnitte im Bereich von ITF-Begegnungspunkten
Verlagerung der Begegnung
Einfluss der Symmetrieachse auf die Fahrplanlage
Bahnsteig infrastruktur beim Umstieg (unterschiedlich lange Fußwege in Richtung bzw. Gegenrichtung)
Anschlusszeit im Knoten je nach Richtung verschieden
Kurze Übergangszeiten bei großem Anschlussverkehr
Fahrzeitprofile bei der Bergauf- bzw. Bergabfahrt
Fahrzeit Kopfbahnhof bzw. Zeitverluste beim Richtungswechsel (Beispiel: 90 + X Sekunden pro Wende)
ITF – Ursachen für Asymmetrien – Bahn
Eingleisige Streckenabschnitte im Bereich von ITF-Begegnungspunkten
Verlagerung der Begegnung
Einfluss der Symmetrieachse auf die Fahrplanlage
Bahnsteig infrastruktur beim Umstieg (unterschiedlich lange Fußwege in Richtung bzw. Gegenrichtung)
Anschlusszeit im Knoten je nach Richtung verschieden
Kurze Übergangszeiten bei großem Anschlussverkehr
Fahrzeitprofile bei der Bergauf- bzw. Bergabfahrt
Fahrzeit Kopfbahnhof bzw. Zeitverluste beim Richtungswechsel (Beispiel: 90 + X Sekunden pro Wende)
ITF – Ursachen für Asymmetrien – Bahn
Eingleisige Streckenabschnitte im Bereich von ITF-Begegnungspunkten
Verlagerung der Begegnung
Einfluss der Symmetrieachse auf die Fahrplanlage
Bahnsteig infrastruktur beim Umstieg (unterschiedlich lange Fußwege in Richtung bzw. Gegenrichtung)
Anschlusszeit im Knoten je nach Richtung verschieden
Kurze Übergangszeiten bei großem Anschlussverkehr
Fahrzeitprofile bei der Bergauf- bzw. Bergabfahrt
Fahrzeit Kopfbahnhof bzw. Zeitverluste beim Richtungswechsel (Beispiel: 90 + X Sekunden pro Wende)
ITF – Ursachen für Asymmetrien – Bahn
Eingleisige Streckenabschnitte im Bereich von ITF-Begegnungspunkten
Verlagerung der Begegnung
Einfluss der Symmetrieachse auf die Fahrplanlage
Bahnsteig infrastruktur beim Umstieg (unterschiedlich lange Fußwege in Richtung bzw. Gegenrichtung)
Anschlusszeit im Knoten je nach Richtung verschieden
Kurze Übergangszeiten bei großem Anschlussverkehr
Fahrzeitprofile bei der Bergauf- bzw. Bergabfahrt
Fahrzeit Kopfbahnhof bzw. Zeitverluste beim Richtungswechsel (Beispiel: 90 + X Sekunden pro Wende)
ITF – Ursachen für Asymmetrien – Bahn
Eingleisige Streckenabschnitte im Bereich von ITF-Begegnungspunkten
Verlagerung der Begegnung
Einfluss der Symmetrieachse auf die Fahrplanlage
Bahnsteig infrastruktur beim Umstieg (unterschiedlich lange Fußwege in Richtung bzw. Gegenrichtung)
Anschlusszeit im Knoten je nach Richtung verschieden
Kurze Übergangszeiten bei großem Anschlussverkehr
Fahrzeitprofile bei der Bergauf- bzw. Bergabfahrt
Fahrzeit Kopfbahnhof bzw. Zeitverluste beim Richtungswechsel (Beispiel: 90 + X Sekunden pro Wende)
ITF – Ursachen für Asymmetrien – Bahn
Eingleisige Streckenabschnitte im Bereich von ITF-Begegnungspunkten
Verlagerung der Begegnung
Einfluss der Symmetrieachse auf die Fahrplanlage
Bahnsteig infrastruktur beim Umstieg (unterschiedlich lange Fußwege in Richtung bzw. Gegenrichtung)
Anschlusszeit im Knoten je nach Richtung verschieden
Kurze Übergangszeiten bei großem Anschlussverkehr
Fahrzeitprofile bei der Bergauf- bzw. Bergabfahrt
Fahrzeit Kopfbahnhof bzw. Zeitverluste beim Richtungswechsel (Beispiel: 90 + X Sekunden pro Wende)
ITF – Ursachen für Asymmetrien – Bahn
Eingleisige Streckenabschnitte im Bereich von ITF-Begegnungspunkten
Verlagerung der Begegnung
Einfluss der Symmetrieachse auf die Fahrplanlage
Bahnsteig infrastruktur beim Umstieg (unterschiedlich lange Fußwege in Richtung bzw. Gegenrichtung)
Anschlusszeit im Knoten je nach Richtung verschieden
Kurze Übergangszeiten bei großem Anschlussverkehr
Fahrzeitprofile bei der Bergauf- bzw. Bergabfahrt
Fahrzeit Kopfbahnhof bzw. Zeitverluste beim Richtungswechsel (Beispiel: 90 + X Sekunden pro Wende)
ITF – Ursachen für Asymmetrien – Bahn
Eingleisige Streckenabschnitte im Bereich von ITF-Begegnungspunkten
Verlagerung der Begegnung
Einfluss der Symmetrieachse auf die Fahrplanlage
Bahnsteig infrastruktur beim Umstieg (unterschiedlich lange Fußwege in Richtung bzw. Gegenrichtung)
Anschlusszeit im Knoten je nach Richtung verschieden
Kurze Übergangszeiten bei großem Anschlussverkehr
Fahrzeitprofile bei der Bergauf- bzw. Bergabfahrt
Fahrzeit Kopfbahnhof bzw. Zeitverluste beim Richtungswechsel (Beispiel: 90 + X Sekunden pro Wende)
ITF – Ursachen für Asymmetrien – Bahn
Eingleisige Streckenabschnitte im Bereich von ITF-Begegnungspunkten
Verlagerung der Begegnung
Einfluss der Symmetrieachse auf die Fahrplanlage
Bahnsteig infrastruktur beim Umstieg (unterschiedlich lange Fußwege in Richtung bzw. Gegenrichtung)
Anschlusszeit im Knoten je nach Richtung verschieden
Kurze Übergangszeiten bei großem Anschlussverkehr
Fahrzeitprofile bei der Bergauf- bzw. Bergabfahrt
Fahrzeit Kopfbahnhof bzw. Zeitverluste beim Richtungswechsel (Beispiel: 90 + X Sekunden pro Wende)
